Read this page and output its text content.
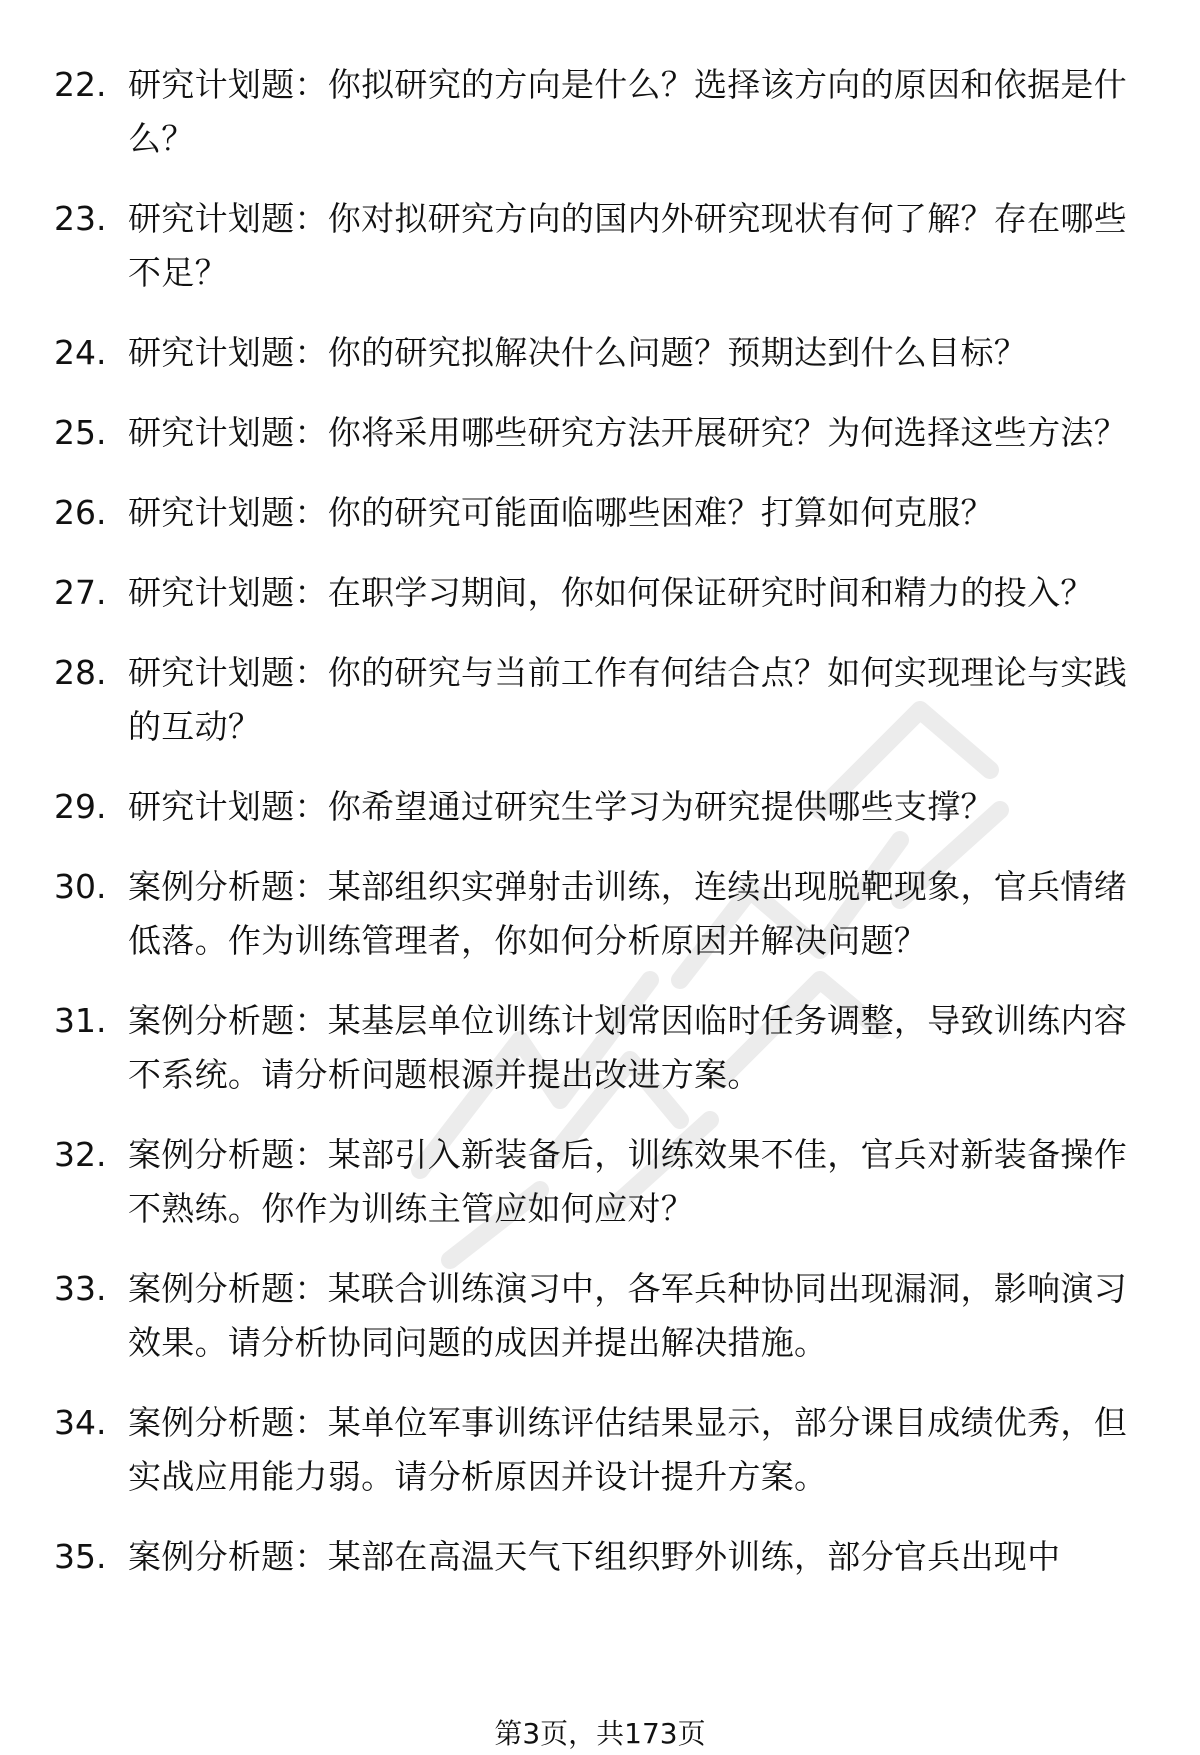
22. 研究计划题：你拟研究的方向是什么？选择该方向的原因和依据是什么？
23. 研究计划题：你对拟研究方向的国内外研究现状有何了解？存在哪些不足？
24. 研究计划题：你的研究拟解决什么问题？预期达到什么目标？
25. 研究计划题：你将采用哪些研究方法开展研究？为何选择这些方法？
26. 研究计划题：你的研究可能面临哪些困难？打算如何克服？
27. 研究计划题：在职学习期间，你如何保证研究时间和精力的投入？
28. 研究计划题：你的研究与当前工作有何结合点？如何实现理论与实践的互动？
29. 研究计划题：你希望通过研究生学习为研究提供哪些支撑？
30. 案例分析题：某部组织实弹射击训练，连续出现脱靶现象，官兵情绪低落。作为训练管理者，你如何分析原因并解决问题？
31. 案例分析题：某基层单位训练计划常因临时任务调整，导致训练内容不系统。请分析问题根源并提出改进方案。
32. 案例分析题：某部引入新装备后，训练效果不佳，官兵对新装备操作不熟练。你作为训练主管应如何应对？
33. 案例分析题：某联合训练演习中，各军兵种协同出现漏洞，影响演习效果。请分析协同问题的成因并提出解决措施。
34. 案例分析题：某单位军事训练评估结果显示，部分课目成绩优秀，但实战应用能力弱。请分析原因并设计提升方案。
35. 案例分析题：某部在高温天气下组织野外训练，部分官兵出现中
第3页，共173页
